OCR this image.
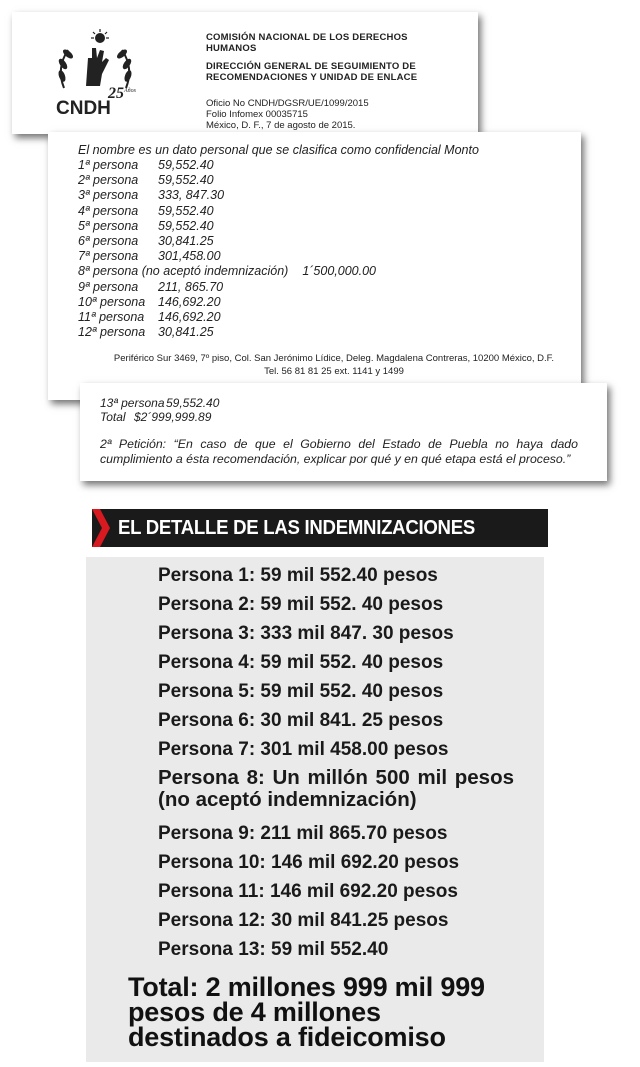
25 Años
CNDH
COMISIÓN NACIONAL DE LOS DERECHOS HUMANOS
DIRECCIÓN GENERAL DE SEGUIMIENTO DE RECOMENDACIONES Y UNIDAD DE ENLACE
Oficio No CNDH/DGSR/UE/1099/2015
Folio Infomex 00035715
México, D. F., 7 de agosto de 2015.
El nombre es un dato personal que se clasifica como confidencial Monto
1ª persona 59,552.40
2ª persona 59,552.40
3ª persona 333, 847.30
4ª persona 59,552.40
5ª persona 59,552.40
6ª persona 30,841.25
7ª persona 301,458.00
8ª persona (no aceptó indemnización) 1´500,000.00
9ª persona 211, 865.70
10ª persona 146,692.20
11ª persona 146,692.20
12ª persona 30,841.25
Periférico Sur 3469, 7º piso, Col. San Jerónimo Lídice, Deleg. Magdalena Contreras, 10200 México, D.F.
Tel. 56 81 81 25 ext. 1141 y 1499
13ª persona 59,552.40
Total $2´999,999.89
2ª Petición: “En caso de que el Gobierno del Estado de Puebla no haya dado cumplimiento a ésta recomendación, explicar por qué y en qué etapa está el proceso.”
EL DETALLE DE LAS INDEMNIZACIONES
Persona 1: 59 mil 552.40 pesos
Persona 2: 59 mil 552. 40 pesos
Persona 3: 333 mil 847. 30 pesos
Persona 4: 59 mil 552. 40 pesos
Persona 5: 59 mil 552. 40 pesos
Persona 6: 30 mil 841. 25 pesos
Persona 7: 301 mil 458.00 pesos
Persona 8: Un millón 500 mil pesos (no aceptó indemnización)
Persona 9: 211 mil 865.70 pesos
Persona 10: 146 mil 692.20 pesos
Persona 11: 146 mil 692.20 pesos
Persona 12: 30 mil 841.25 pesos
Persona 13: 59 mil 552.40
Total: 2 millones 999 mil 999 pesos de 4 millones destinados a fideicomiso
